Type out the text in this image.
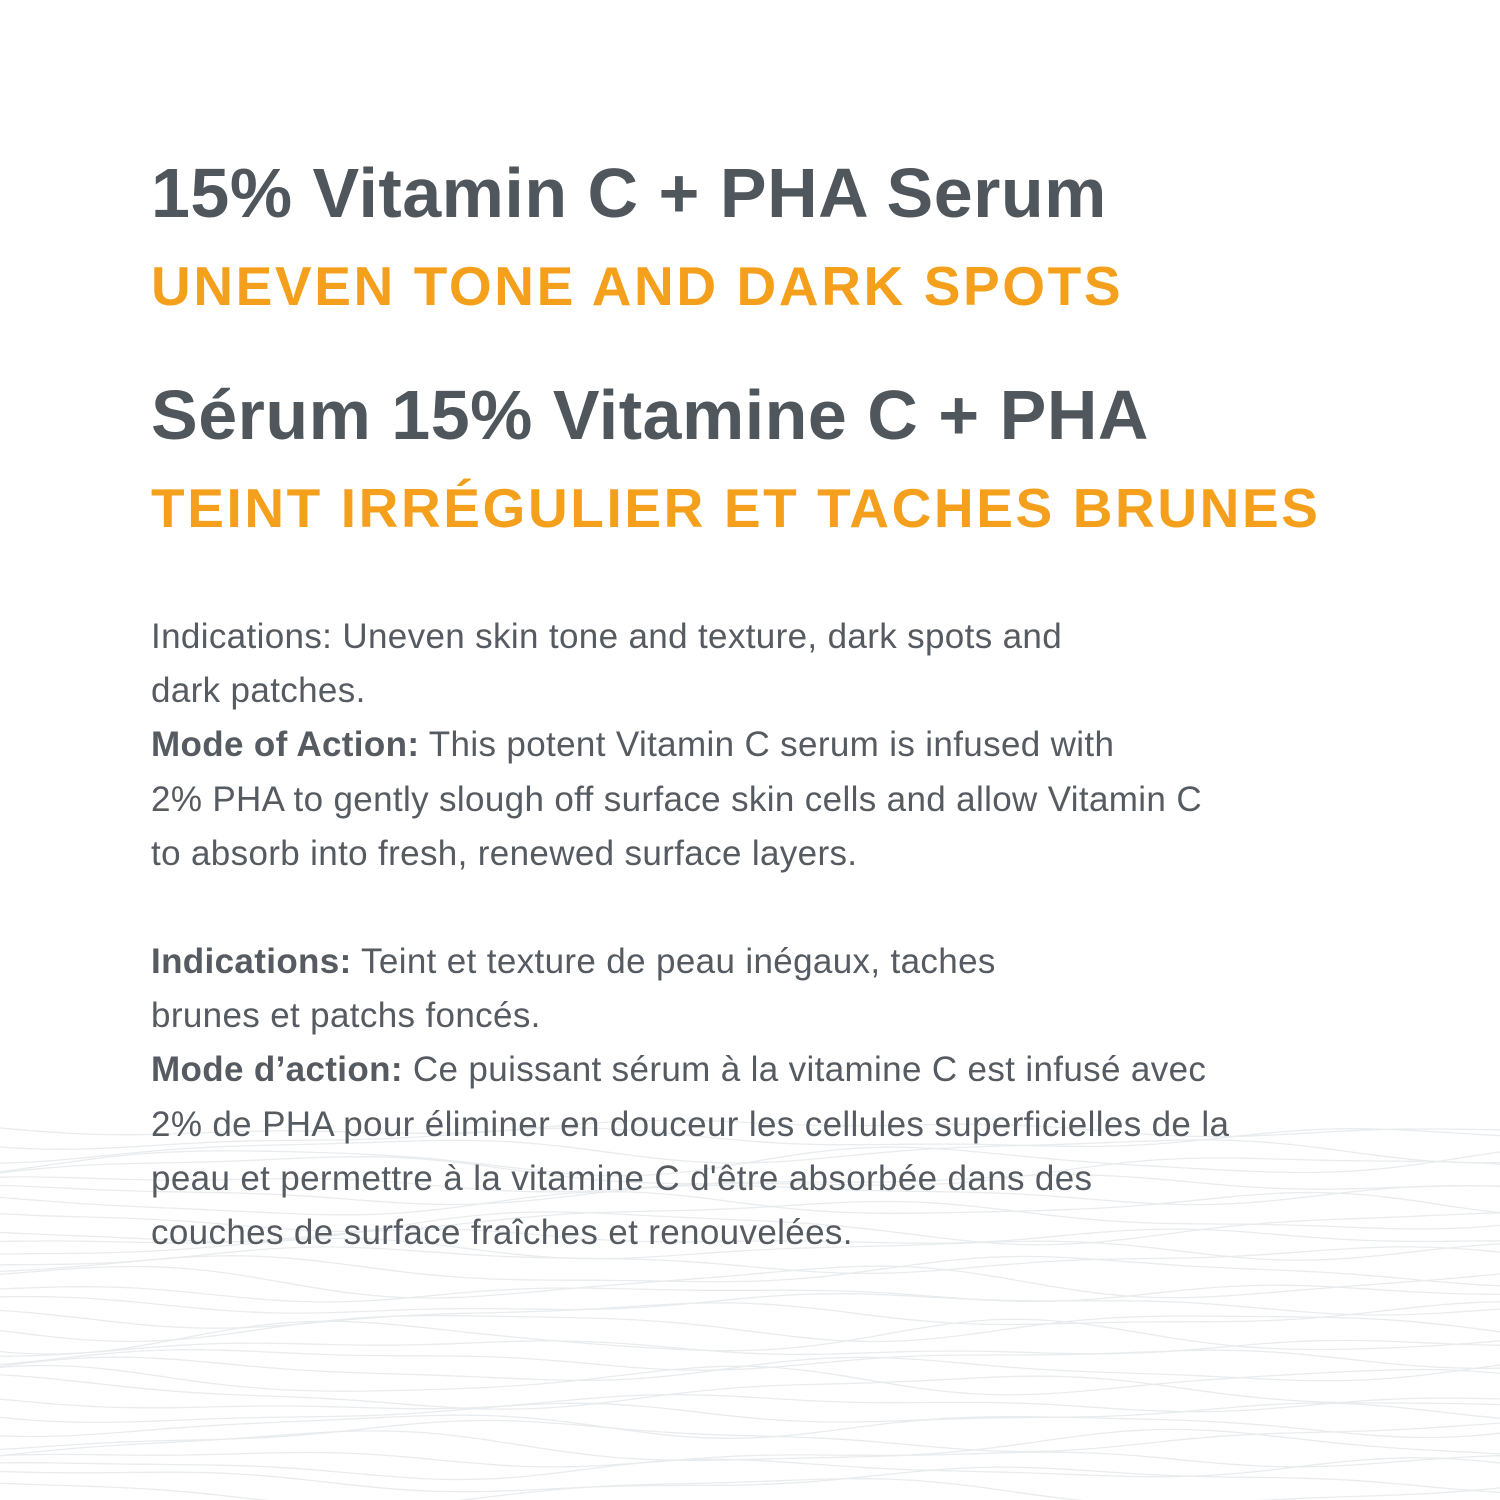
15% Vitamin C + PHA Serum
UNEVEN TONE AND DARK SPOTS
Sérum 15% Vitamine C + PHA
TEINT IRRÉGULIER ET TACHES BRUNES
Indications: Uneven skin tone and texture, dark spots and
dark patches.
Mode of Action: This potent Vitamin C serum is infused with
2% PHA to gently slough off surface skin cells and allow Vitamin C
to absorb into fresh, renewed surface layers.
Indications: Teint et texture de peau inégaux, taches
brunes et patchs foncés.
Mode d’action: Ce puissant sérum à la vitamine C est infusé avec
2% de PHA pour éliminer en douceur les cellules superficielles de la
peau et permettre à la vitamine C d'être absorbée dans des
couches de surface fraîches et renouvelées.
